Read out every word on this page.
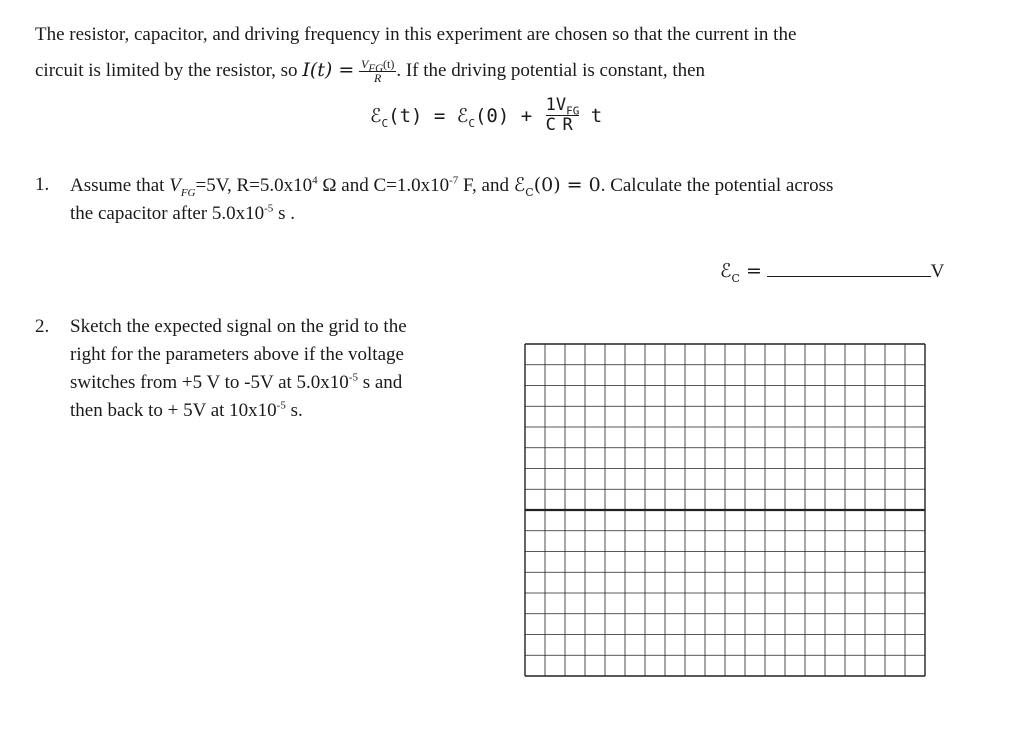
The resistor, capacitor, and driving frequency in this experiment are chosen so that the current in the
circuit is limited by the resistor, so $I(t) = \frac{V_{FG}(t)}{R}$ . If the driving potential is constant, then
ℰ$_C$(t) = ℰ$_C$(0) + $\frac{1}{C} \frac{V_{FG}}{R}$ t
1. Assume that $V_{FG}=5V$, $R=5.0x10^4$ Ω and $C=1.0x10^{-7}$ F, and ℰ$_C$(0) = 0. Calculate the potential across
the capacitor after $5.0x10^{-5}$ s .
ℰ$_C$ =	V
2. Sketch the expected signal on the grid to the
right for the parameters above if the voltage
switches from +5 V to -5V at $5.0x10^{-5}$ s and
then back to + 5V at $10x10^{-5}$ s.
